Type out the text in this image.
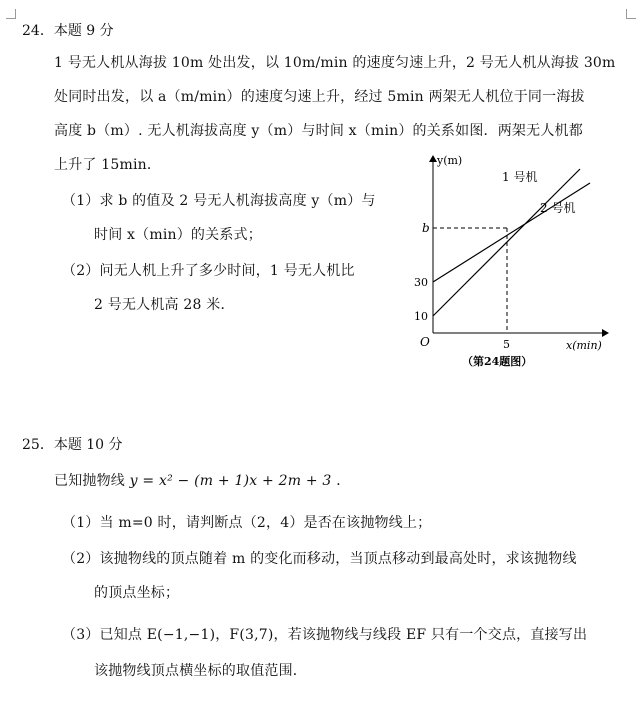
24．本题 9 分
1 号无人机从海拔 10m 处出发，以 10m/min 的速度匀速上升，2 号无人机从海拔 30m
处同时出发，以 a（m/min）的速度匀速上升，经过 5min 两架无人机位于同一海拔
高度 b（m）. 无人机海拔高度 y（m）与时间 x（min）的关系如图．两架无人机都
上升了 15min．
（1）求 b 的值及 2 号无人机海拔高度 y（m）与
时间 x（min）的关系式；
（2）问无人机上升了多少时间，1 号无人机比
2 号无人机高 28 米．
y(m)
x(min)
O
b
30
10
5
1 号机
2 号机
（第24题图）
25．本题 10 分
已知抛物线 y = x² − (m + 1)x + 2m + 3 ．
（1）当 m=0 时，请判断点（2，4）是否在该抛物线上；
（2）该抛物线的顶点随着 m 的变化而移动，当顶点移动到最高处时，求该抛物线
的顶点坐标；
（3）已知点 E(−1,−1)，F(3,7)，若该抛物线与线段 EF 只有一个交点，直接写出
该抛物线顶点横坐标的取值范围．
